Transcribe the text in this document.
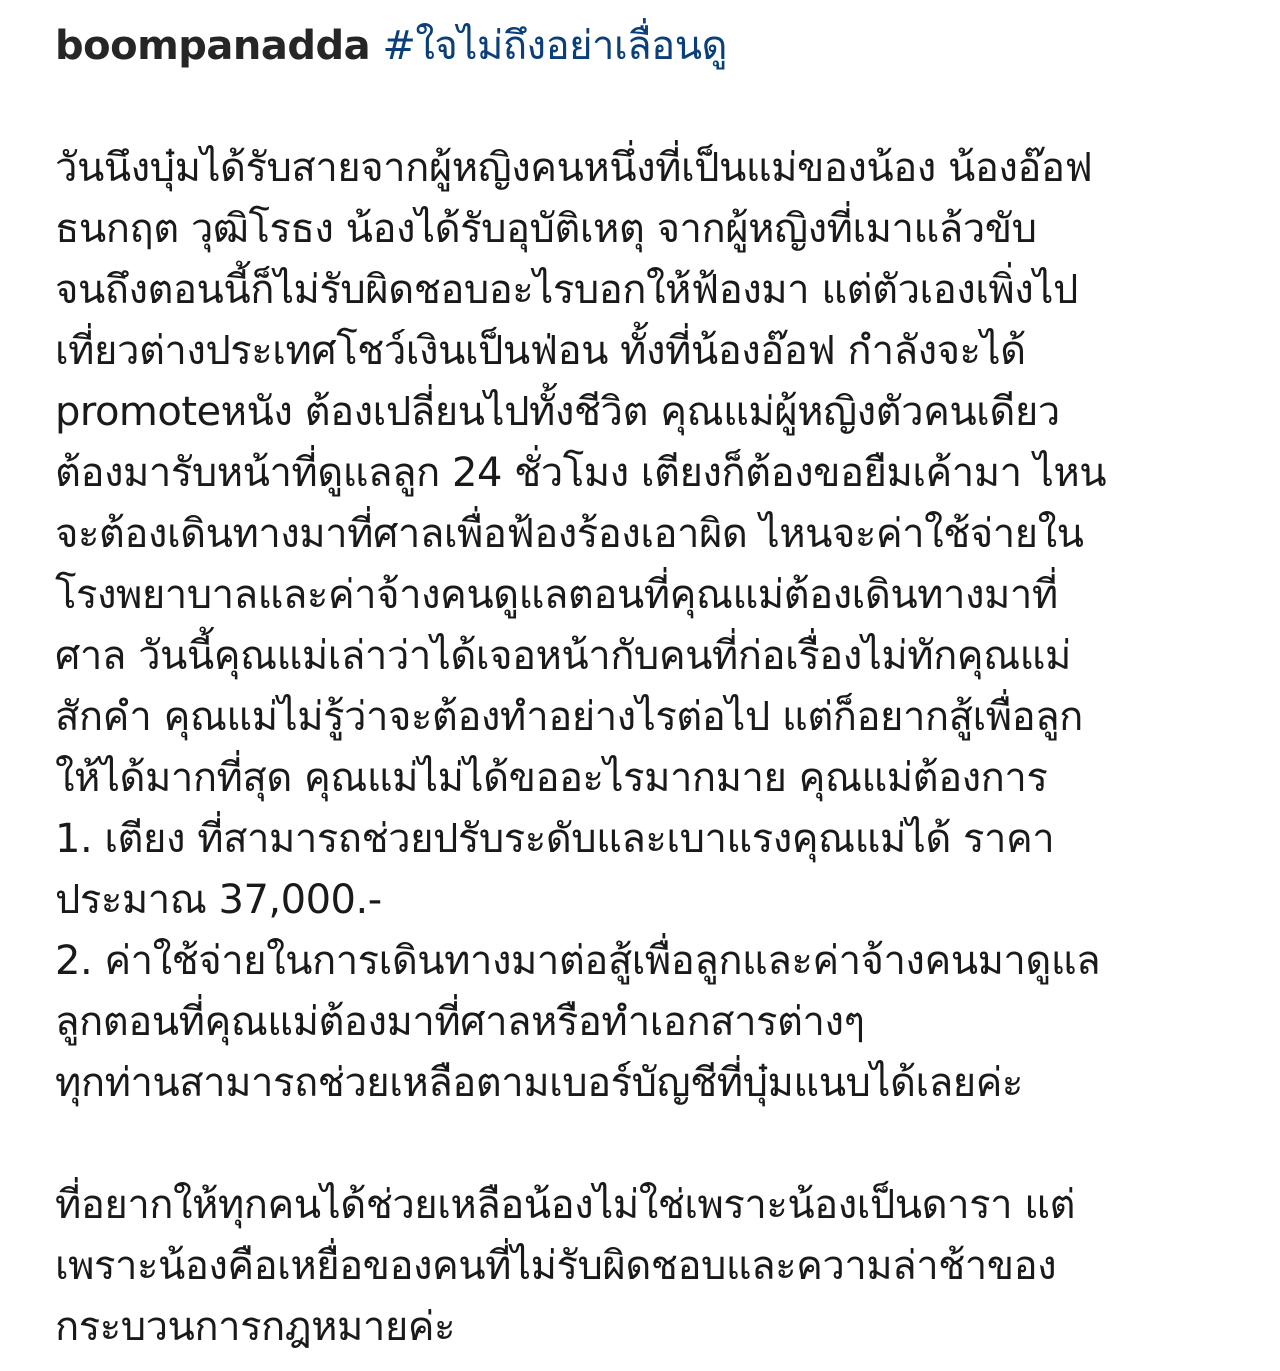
boompanadda #ใจไม่ถึงอย่าเลื่อนดู
วันนึงบุ๋มได้รับสายจากผู้หญิงคนหนึ่งที่เป็นแม่ของน้อง น้องอ๊อฟ
ธนกฤต วุฒิโรธง น้องได้รับอุบัติเหตุ จากผู้หญิงที่เมาแล้วขับ
จนถึงตอนนี้ก็ไม่รับผิดชอบอะไรบอกให้ฟ้องมา แต่ตัวเองเพิ่งไป
เที่ยวต่างประเทศโชว์เงินเป็นฟ่อน ทั้งที่น้องอ๊อฟ กำลังจะได้
promoteหนัง ต้องเปลี่ยนไปทั้งชีวิต คุณแม่ผู้หญิงตัวคนเดียว
ต้องมารับหน้าที่ดูแลลูก 24 ชั่วโมง เตียงก็ต้องขอยืมเค้ามา ไหน
จะต้องเดินทางมาที่ศาลเพื่อฟ้องร้องเอาผิด ไหนจะค่าใช้จ่ายใน
โรงพยาบาลและค่าจ้างคนดูแลตอนที่คุณแม่ต้องเดินทางมาที่
ศาล วันนี้คุณแม่เล่าว่าได้เจอหน้ากับคนที่ก่อเรื่องไม่ทักคุณแม่
สักคำ คุณแม่ไม่รู้ว่าจะต้องทำอย่างไรต่อไป แต่ก็อยากสู้เพื่อลูก
ให้ได้มากที่สุด คุณแม่ไม่ได้ขออะไรมากมาย คุณแม่ต้องการ
1. เตียง ที่สามารถช่วยปรับระดับและเบาแรงคุณแม่ได้ ราคา
ประมาณ 37,000.-
2. ค่าใช้จ่ายในการเดินทางมาต่อสู้เพื่อลูกและค่าจ้างคนมาดูแล
ลูกตอนที่คุณแม่ต้องมาที่ศาลหรือทำเอกสารต่างๆ
ทุกท่านสามารถช่วยเหลือตามเบอร์บัญชีที่บุ๋มแนบได้เลยค่ะ
ที่อยากให้ทุกคนได้ช่วยเหลือน้องไม่ใช่เพราะน้องเป็นดารา แต่
เพราะน้องคือเหยื่อของคนที่ไม่รับผิดชอบและความล่าช้าของ
กระบวนการกฎหมายค่ะ
